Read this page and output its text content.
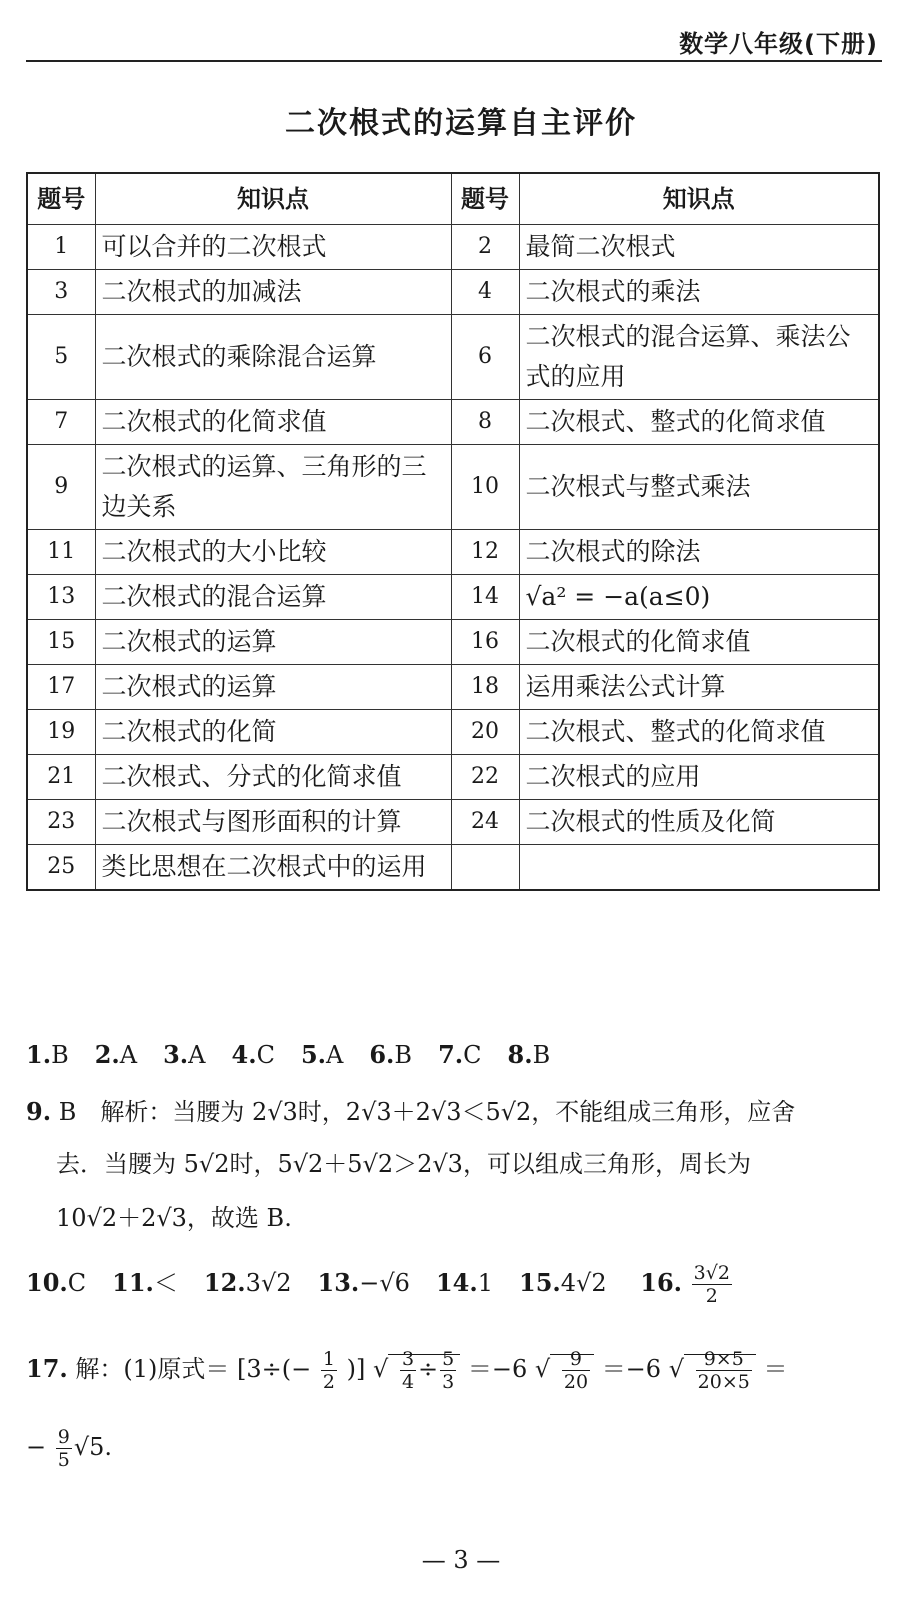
数学八年级(下册)
二次根式的运算自主评价
题号	知识点	题号	知识点
1	可以合并的二次根式	2	最简二次根式
3	二次根式的加减法	4	二次根式的乘法
5	二次根式的乘除混合运算	6	二次根式的混合运算、乘法公式的应用
7	二次根式的化简求值	8	二次根式、整式的化简求值
9	二次根式的运算、三角形的三边关系	10	二次根式与整式乘法
11	二次根式的大小比较	12	二次根式的除法
13	二次根式的混合运算	14	√a² = −a(a≤0)
15	二次根式的运算	16	二次根式的化简求值
17	二次根式的运算	18	运用乘法公式计算
19	二次根式的化简	20	二次根式、整式的化简求值
21	二次根式、分式的化简求值	22	二次根式的应用
23	二次根式与图形面积的计算	24	二次根式的性质及化简
25	类比思想在二次根式中的运用		
1.B 2.A 3.A 4.C 5.A 6.B 7.C 8.B
9. B　解析：当腰为 2√3时，2√3＋2√3＜5√2，不能组成三角形，应舍
去．当腰为 5√2时，5√2＋5√2＞2√3，可以组成三角形，周长为
10√2＋2√3，故选 B.
10.C 11.＜ 12.3√2 13.−√6 14.1 15.4√2 16. $\frac{3√2}{2}$
17. 解：(1)原式＝ [$3\div(- \frac{1}{2}$ )] √ $\frac{3}{4} \div \frac{5}{3} =-6$ √ $\frac{9}{20} =-6$ √ $\frac{9\times 5}{20\times 5}$ ＝
− $\frac{9}{5} √5$.
— 3 —
